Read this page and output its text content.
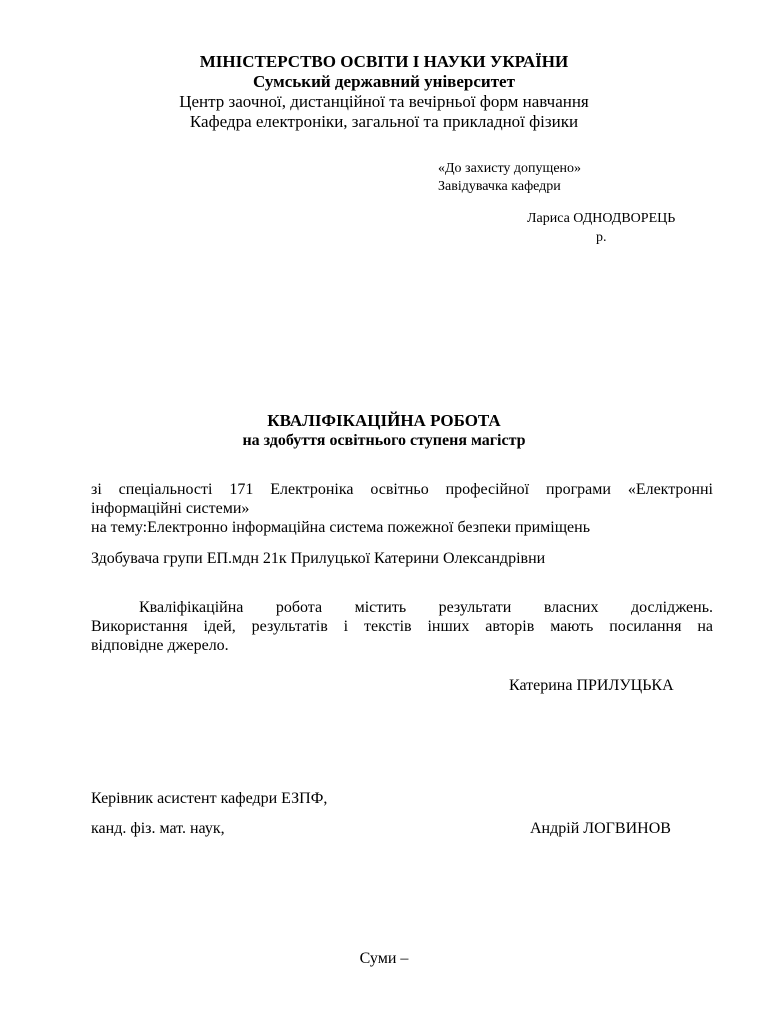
МІНІСТЕРСТВО ОСВІТИ І НАУКИ УКРАЇНИ
Сумський державний університет
Центр заочної, дистанційної та вечірньої форм навчання
Кафедра електроніки, загальної та прикладної фізики
«До захисту допущено»
Завідувачка кафедри
Лариса ОДНОДВОРЕЦЬ
р.
КВАЛІФІКАЦІЙНА РОБОТА
на здобуття освітнього ступеня магістр
зі спеціальності 171 Електроніка освітньо професійної програми «Електронні
інформаційні системи»
на тему:Електронно інформаційна система пожежної безпеки приміщень
Здобувача групи ЕП.мдн 21к Прилуцької Катерини Олександрівни
Кваліфікаційна робота містить результати власних досліджень.
Використання ідей, результатів і текстів інших авторів мають посилання на
відповідне джерело.
Катерина ПРИЛУЦЬКА
Керівник асистент кафедри ЕЗПФ,
канд. фіз. мат. наук,	Андрій ЛОГВИНОВ
Суми –
